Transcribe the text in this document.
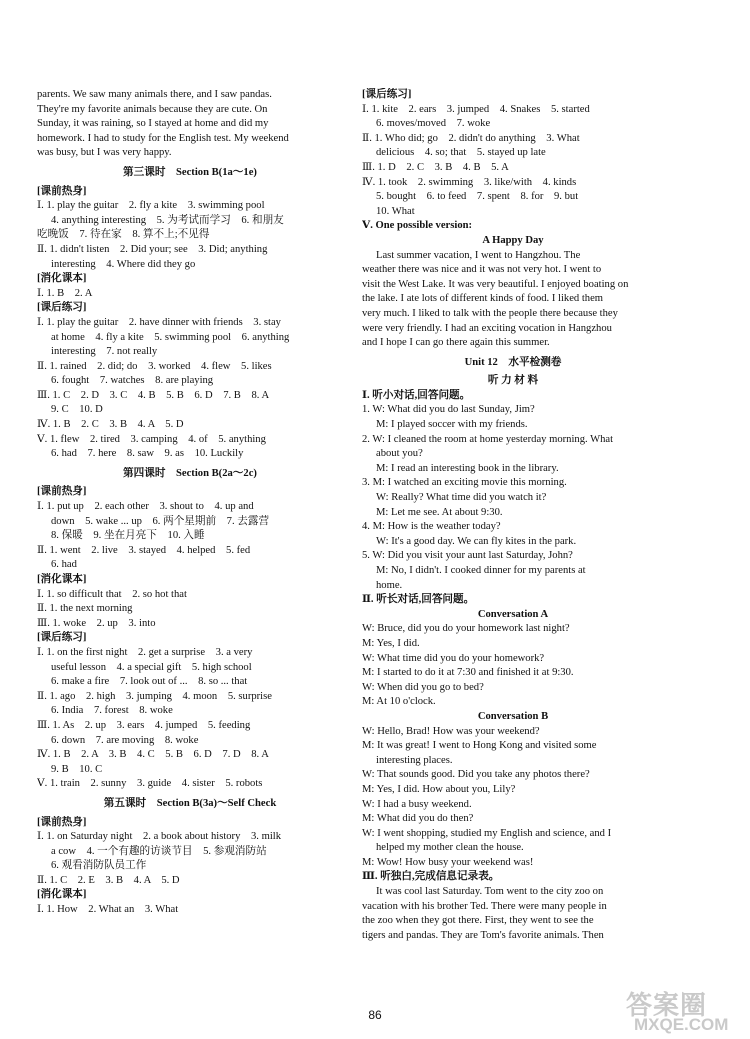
parents. We saw many animals there, and I saw pandas.
They're my favorite animals because they are cute. On
Sunday, it was raining, so I stayed at home and did my
homework. I had to study for the English test. My weekend
was busy, but I was very happy.
第三课时　Section B(1a～1e)
[课前热身]
Ⅰ. 1. play the guitar　2. fly a kite　3. swimming pool
4. anything interesting　5. 为考试而学习　6. 和朋友
吃晚饭　7. 待在家　8. 算不上;不见得
Ⅱ. 1. didn't listen　2. Did your; see　3. Did; anything
interesting　4. Where did they go
[消化课本]
Ⅰ. 1. B　2. A
[课后练习]
Ⅰ. 1. play the guitar　2. have dinner with friends　3. stay
at home　4. fly a kite　5. swimming pool　6. anything
interesting　7. not really
Ⅱ. 1. rained　2. did; do　3. worked　4. flew　5. likes
6. fought　7. watches　8. are playing
Ⅲ. 1. C　2. D　3. C　4. B　5. B　6. D　7. B　8. A
9. C　10. D
Ⅳ. 1. B　2. C　3. B　4. A　5. D
Ⅴ. 1. flew　2. tired　3. camping　4. of　5. anything
6. had　7. here　8. saw　9. as　10. Luckily
第四课时　Section B(2a～2c)
[课前热身]
Ⅰ. 1. put up　2. each other　3. shout to　4. up and
down　5. wake ... up　6. 两个星期前　7. 去露营
8. 保暖　9. 坐在月亮下　10. 入睡
Ⅱ. 1. went　2. live　3. stayed　4. helped　5. fed
6. had
[消化课本]
Ⅰ. 1. so difficult that　2. so hot that
Ⅱ. 1. the next morning
Ⅲ. 1. woke　2. up　3. into
[课后练习]
Ⅰ. 1. on the first night　2. get a surprise　3. a very
useful lesson　4. a special gift　5. high school
6. make a fire　7. look out of ...　8. so ... that
Ⅱ. 1. ago　2. high　3. jumping　4. moon　5. surprise
6. India　7. forest　8. woke
Ⅲ. 1. As　2. up　3. ears　4. jumped　5. feeding
6. down　7. are moving　8. woke
Ⅳ. 1. B　2. A　3. B　4. C　5. B　6. D　7. D　8. A
9. B　10. C
Ⅴ. 1. train　2. sunny　3. guide　4. sister　5. robots
第五课时　Section B(3a)～Self Check
[课前热身]
Ⅰ. 1. on Saturday night　2. a book about history　3. milk
a cow　4. 一个有趣的访谈节目　5. 参观消防站
6. 观看消防队员工作
Ⅱ. 1. C　2. E　3. B　4. A　5. D
[消化课本]
Ⅰ. 1. How　2. What an　3. What
[课后练习]
Ⅰ. 1. kite　2. ears　3. jumped　4. Snakes　5. started
6. moves/moved　7. woke
Ⅱ. 1. Who did; go　2. didn't do anything　3. What
delicious　4. so; that　5. stayed up late
Ⅲ. 1. D　2. C　3. B　4. B　5. A
Ⅳ. 1. took　2. swimming　3. like/with　4. kinds
5. bought　6. to feed　7. spent　8. for　9. but
10. What
Ⅴ. One possible version:
A Happy Day
Last summer vacation, I went to Hangzhou. The
weather there was nice and it was not very hot. I went to
visit the West Lake. It was very beautiful. I enjoyed boating on
the lake. I ate lots of different kinds of food. I liked them
very much. I liked to talk with the people there because they
were very friendly. I had an exciting vocation in Hangzhou
and I hope I can go there again this summer.
Unit 12　水平检测卷
听 力 材 料
Ⅰ. 听小对话,回答问题。
1. W: What did you do last Sunday, Jim?
M: I played soccer with my friends.
2. W: I cleaned the room at home yesterday morning. What
about you?
M: I read an interesting book in the library.
3. M: I watched an exciting movie this morning.
W: Really? What time did you watch it?
M: Let me see. At about 9:30.
4. M: How is the weather today?
W: It's a good day. We can fly kites in the park.
5. W: Did you visit your aunt last Saturday, John?
M: No, I didn't. I cooked dinner for my parents at
home.
Ⅱ. 听长对话,回答问题。
Conversation A
W: Bruce, did you do your homework last night?
M: Yes, I did.
W: What time did you do your homework?
M: I started to do it at 7:30 and finished it at 9:30.
W: When did you go to bed?
M: At 10 o'clock.
Conversation B
W: Hello, Brad! How was your weekend?
M: It was great! I went to Hong Kong and visited some
interesting places.
W: That sounds good. Did you take any photos there?
M: Yes, I did. How about you, Lily?
W: I had a busy weekend.
M: What did you do then?
W: I went shopping, studied my English and science, and I
helped my mother clean the house.
M: Wow! How busy your weekend was!
Ⅲ. 听独白,完成信息记录表。
It was cool last Saturday. Tom went to the city zoo on
vacation with his brother Ted. There were many people in
the zoo when they got there. First, they went to see the
tigers and pandas. They are Tom's favorite animals. Then
86	答案圈
MXQE.COM
